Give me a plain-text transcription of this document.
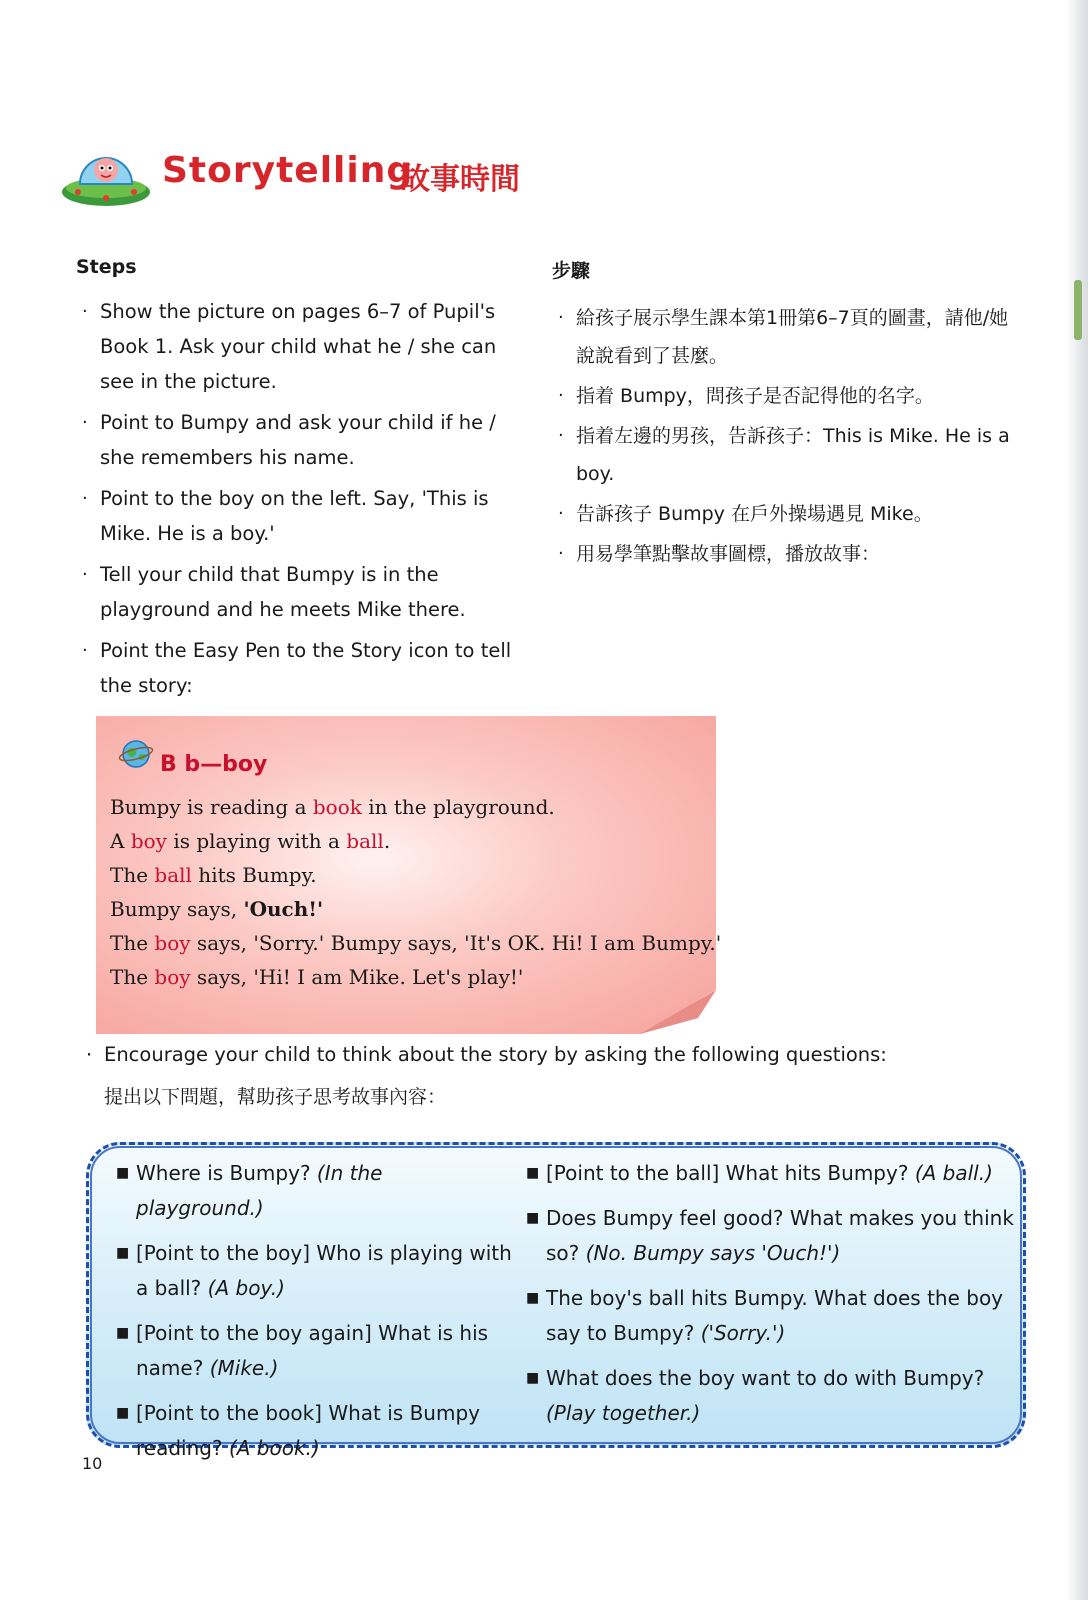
Storytelling
故事時間
Steps
· Show the picture on pages 6–7 of Pupil's Book 1. Ask your child what he / she can see in the picture.
· Point to Bumpy and ask your child if he / she remembers his name.
· Point to the boy on the left. Say, 'This is Mike. He is a boy.'
· Tell your child that Bumpy is in the playground and he meets Mike there.
· Point the Easy Pen to the Story icon to tell the story:
步驟
· 給孩子展示學生課本第1冊第6–7頁的圖畫，請他/她說說看到了甚麼。
· 指着 Bumpy，問孩子是否記得他的名字。
· 指着左邊的男孩，告訴孩子：This is Mike. He is a boy.
· 告訴孩子 Bumpy 在戶外操場遇見 Mike。
· 用易學筆點擊故事圖標，播放故事：
B b—boy
Bumpy is reading a book in the playground.
A boy is playing with a ball.
The ball hits Bumpy.
Bumpy says, 'Ouch!'
The boy says, 'Sorry.' Bumpy says, 'It's OK. Hi! I am Bumpy.'
The boy says, 'Hi! I am Mike. Let's play!'
· Encourage your child to think about the story by asking the following questions:
提出以下問題，幫助孩子思考故事內容：
■ Where is Bumpy? (In the playground.)
■ [Point to the boy] Who is playing with a ball? (A boy.)
■ [Point to the boy again] What is his name? (Mike.)
■ [Point to the book] What is Bumpy reading? (A book.)
■ [Point to the ball] What hits Bumpy? (A ball.)
■ Does Bumpy feel good? What makes you think so? (No. Bumpy says 'Ouch!')
■ The boy's ball hits Bumpy. What does the boy say to Bumpy? ('Sorry.')
■ What does the boy want to do with Bumpy? (Play together.)
10
